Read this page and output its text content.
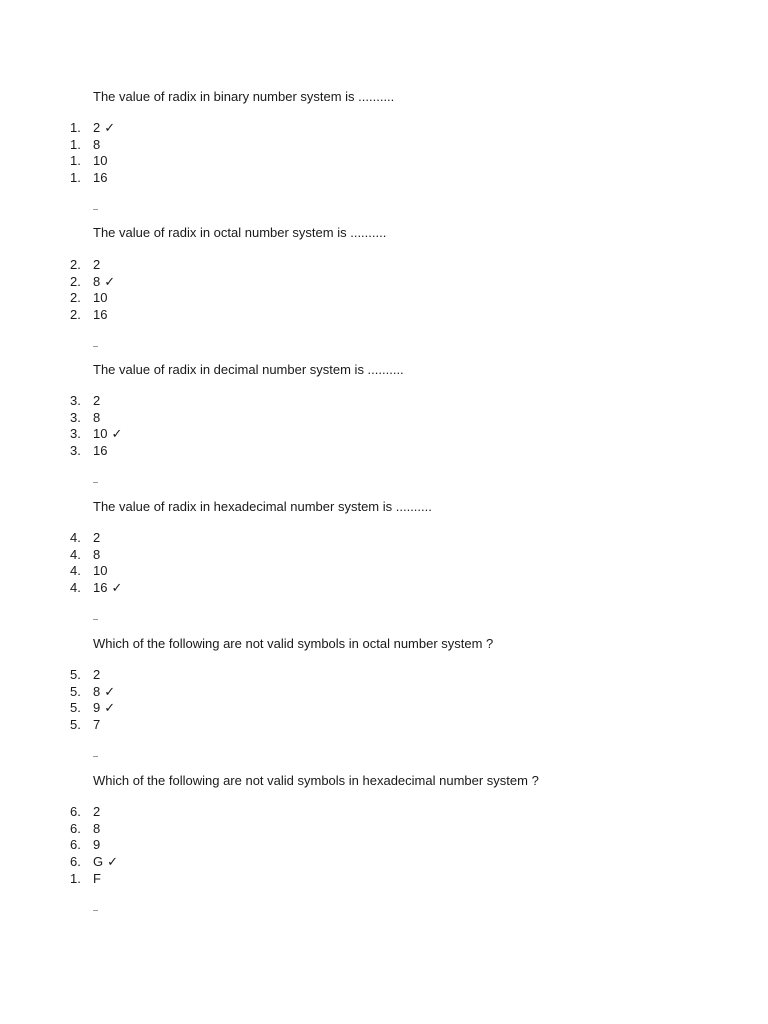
The value of radix in binary number system is ..........
1. 2 ✓
1. 8
1. 10
1. 16
The value of radix in octal number system is ..........
2. 2
2. 8 ✓
2. 10
2. 16
The value of radix in decimal number system is ..........
3. 2
3. 8
3. 10 ✓
3. 16
The value of radix in hexadecimal number system is ..........
4. 2
4. 8
4. 10
4. 16 ✓
Which of the following are not valid symbols in octal number system ?
5. 2
5. 8 ✓
5. 9 ✓
5. 7
Which of the following are not valid symbols in hexadecimal number system ?
6. 2
6. 8
6. 9
6. G ✓
1. F
